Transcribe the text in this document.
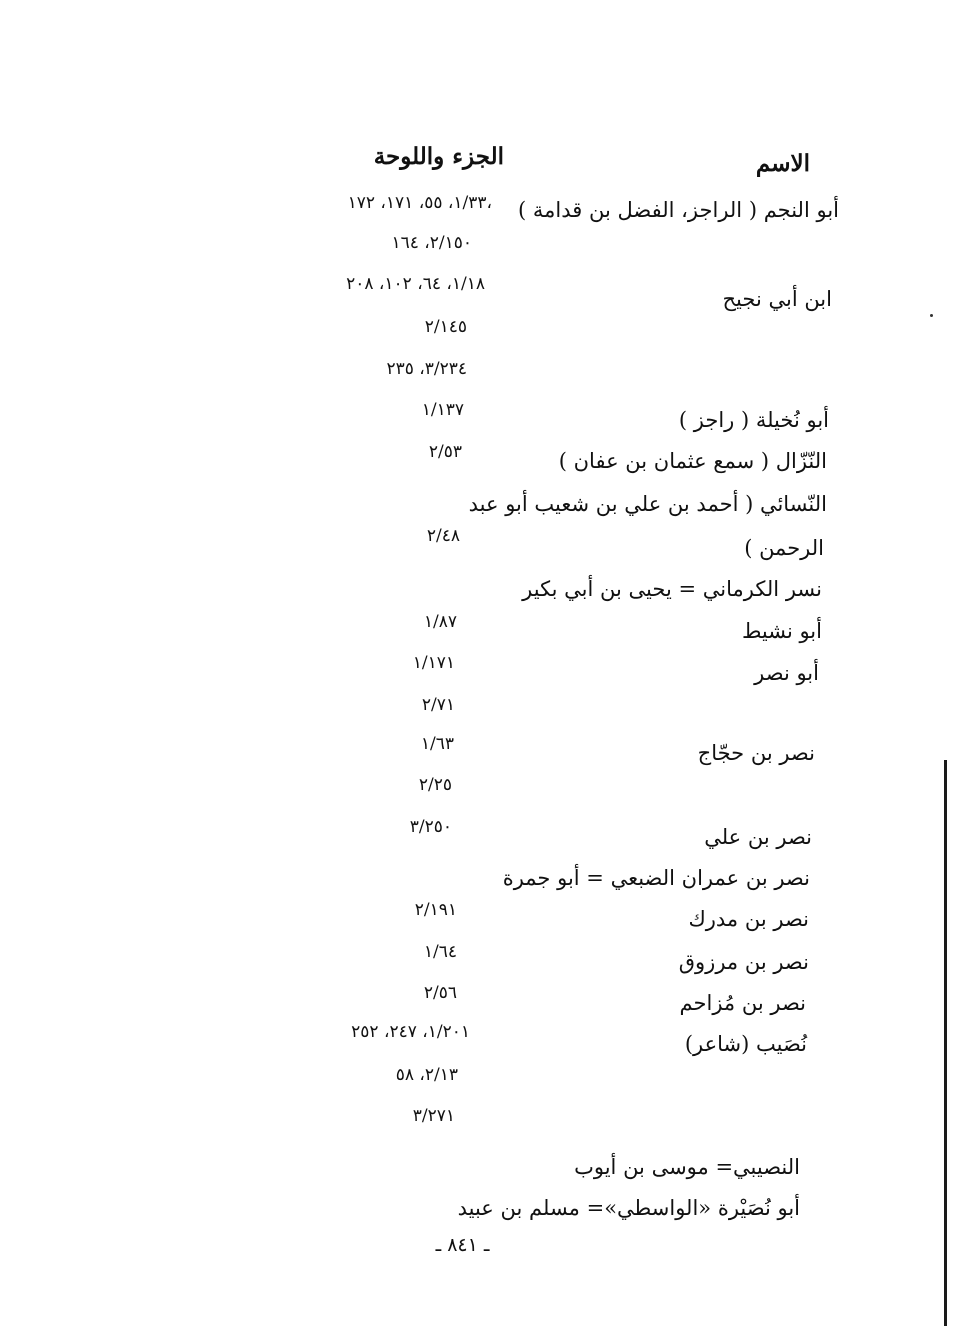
الاسم
الجزء واللوحة
أبو النجم ( الراجز، الفضل بن قدامة )
ابن أبي نجيح
أبو نُخيلة ( راجز )
النّزّال ( سمع عثمان بن عفان )
النّسائي ( أحمد بن علي بن شعيب أبو عبد
الرحمن )
نسر الكرماني = يحيى بن أبي بكير
أبو نشيط
أبو نصر
نصر بن حجّاج
نصر بن علي
نصر بن عمران الضبعي = أبو جمرة
نصر بن مدرك
نصر بن مرزوق
نصر بن مُزاحم
نُصَيب (شاعر)
النصيبي= موسى بن أيوب
أبو نُصَيْرة «الواسطي»= مسلم بن عبيد
١/٣٣، ٥٥، ١٧١، ١٧٢،
٢/١٥٠، ١٦٤
١/١٨، ٦٤، ١٠٢، ٢٠٨
٢/١٤٥
٣/٢٣٤، ٢٣٥
١/١٣٧
٢/٥٣
٢/٤٨
١/٨٧
١/١٧١
٢/٧١
١/٦٣
٢/٢٥
٣/٢٥٠
٢/١٩١
١/٦٤
٢/٥٦
١/٢٠١، ٢٤٧، ٢٥٢
٢/١٣، ٥٨
٣/٢٧١
ـ ٨٤١ ـ
